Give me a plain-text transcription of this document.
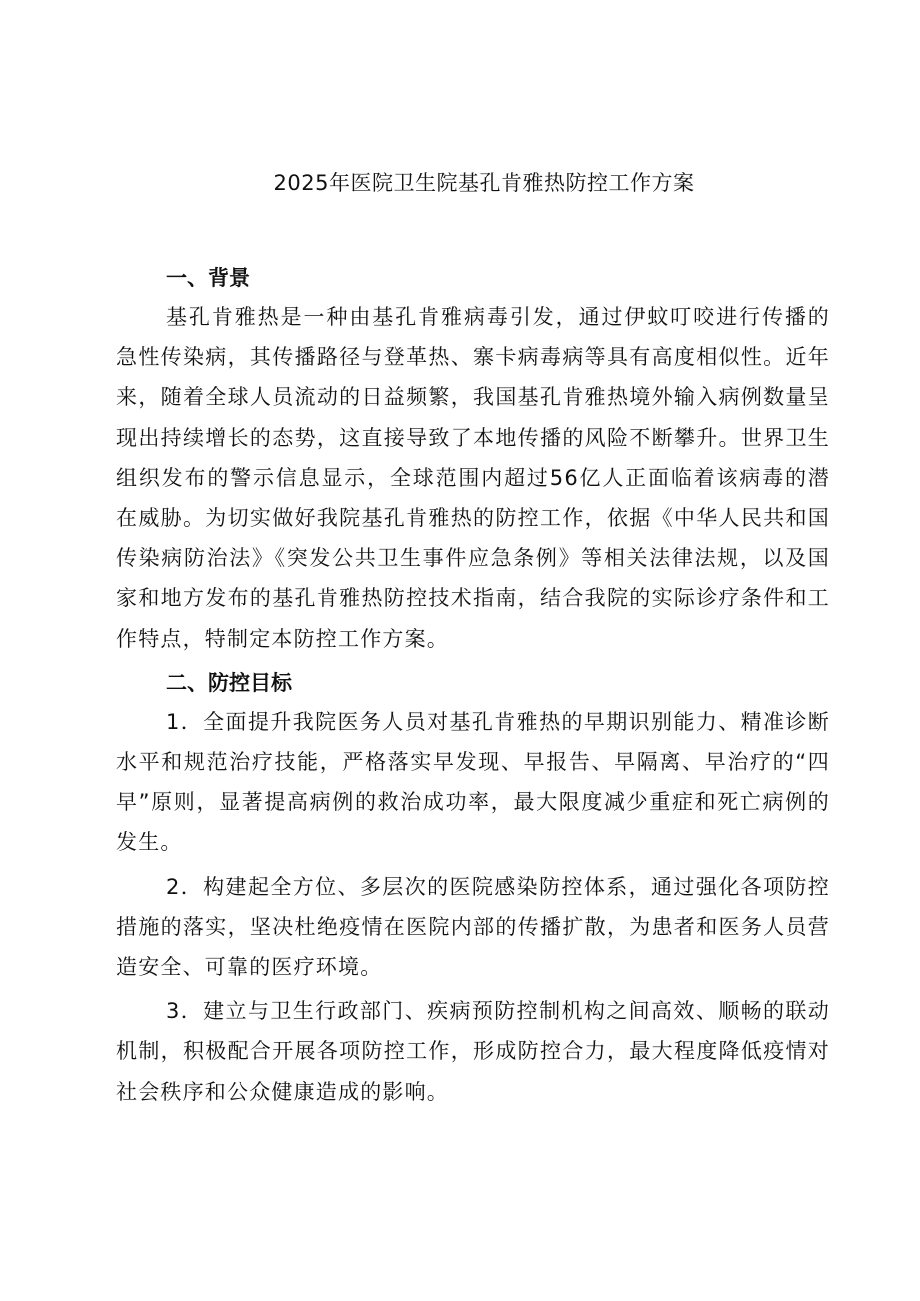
2025年医院卫生院基孔肯雅热防控工作方案
一、背景

基孔肯雅热是一种由基孔肯雅病毒引发，通过伊蚊叮咬进行传播的急性传染病，其传播路径与登革热、寨卡病毒病等具有高度相似性。近年来，随着全球人员流动的日益频繁，我国基孔肯雅热境外输入病例数量呈现出持续增长的态势，这直接导致了本地传播的风险不断攀升。世界卫生组织发布的警示信息显示，全球范围内超过56亿人正面临着该病毒的潜在威胁。为切实做好我院基孔肯雅热的防控工作，依据《中华人民共和国传染病防治法》《突发公共卫生事件应急条例》等相关法律法规，以及国家和地方发布的基孔肯雅热防控技术指南，结合我院的实际诊疗条件和工作特点，特制定本防控工作方案。

二、防控目标

1．全面提升我院医务人员对基孔肯雅热的早期识别能力、精准诊断水平和规范治疗技能，严格落实早发现、早报告、早隔离、早治疗的“四早”原则，显著提高病例的救治成功率，最大限度减少重症和死亡病例的发生。

2．构建起全方位、多层次的医院感染防控体系，通过强化各项防控措施的落实，坚决杜绝疫情在医院内部的传播扩散，为患者和医务人员营造安全、可靠的医疗环境。

3．建立与卫生行政部门、疾病预防控制机构之间高效、顺畅的联动机制，积极配合开展各项防控工作，形成防控合力，最大程度降低疫情对社会秩序和公众健康造成的影响。
